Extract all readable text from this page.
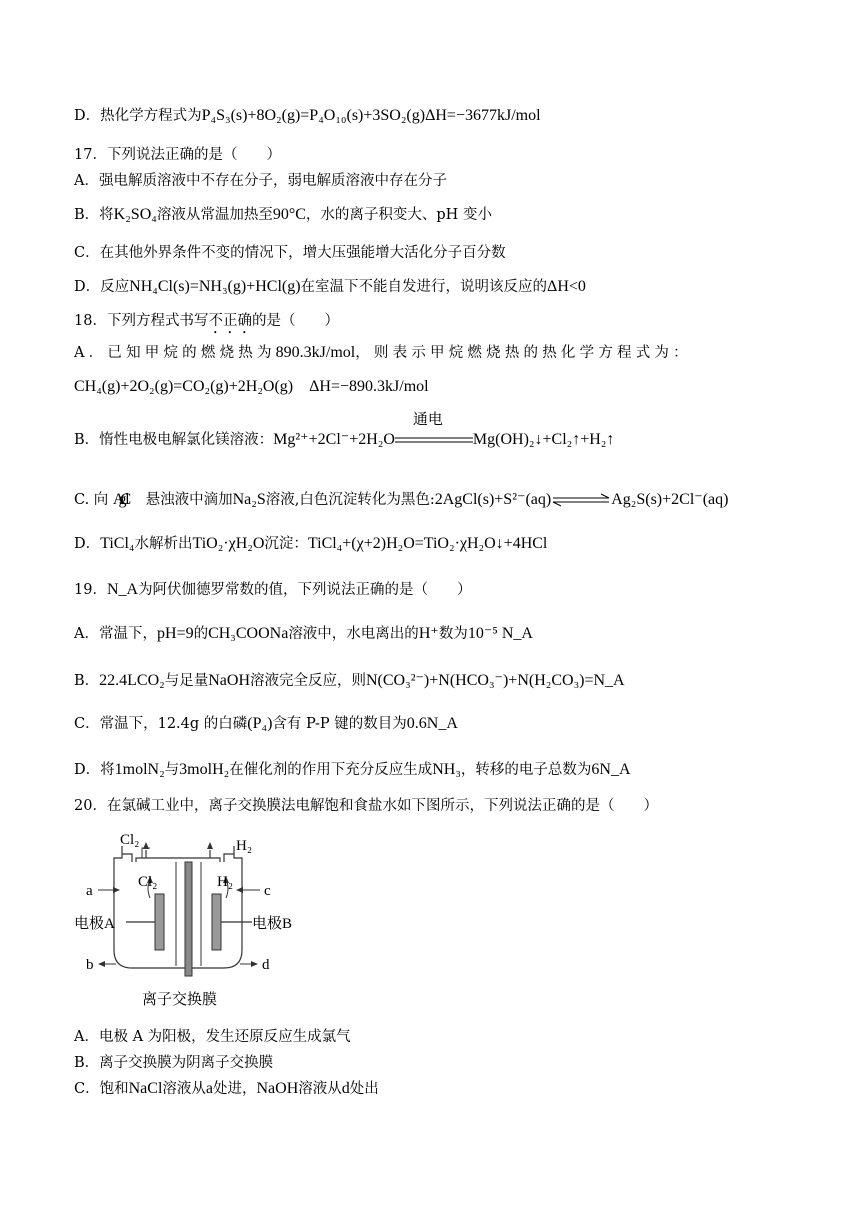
D．热化学方程式为P₄S₃(s)+8O₂(g)=P₄O₁₀(s)+3SO₂(g)ΔH=−3677kJ/mol
17．下列说法正确的是（　　）
A．强电解质溶液中不存在分子，弱电解质溶液中存在分子
B．将K₂SO₄溶液从常温加热至90°C，水的离子积变大、pH 变小
C．在其他外界条件不变的情况下，增大压强能增大活化分子百分数
D．反应NH₄Cl(s)=NH₃(g)+HCl(g)在室温下不能自发进行，说明该反应的ΔH<0
18．下列方程式书写不正确的是（　　）
A．已知甲烷的燃烧热为890.3kJ/mol，则表示甲烷燃烧热的热化学方程式为：
CH₄(g)+2O₂(g)=CO₂(g)+2H₂O(g)　ΔH=−890.3kJ/mol
B．惰性电极电解氯化镁溶液：Mg²⁺+2Cl⁻+2H₂O
通电
Mg(OH)₂↓+Cl₂↑+H₂↑
C. 向 AgCl 悬浊液中滴加Na₂S溶液,白色沉淀转化为黑色:2AgCl(s)+S²⁻(aq)	Ag₂S(s)+2Cl⁻(aq)
D．TiCl₄水解析出TiO₂·χH₂O沉淀：TiCl₄+(χ+2)H₂O=TiO₂·χH₂O↓+4HCl
19．N_A为阿伏伽德罗常数的值，下列说法正确的是（　　）
A．常温下，pH=9的CH₃COONa溶液中，水电离出的H⁺数为10⁻⁵ N_A
B．22.4LCO₂与足量NaOH溶液完全反应，则N(CO₃²⁻)+N(HCO₃⁻)+N(H₂CO₃)=N_A
C．常温下，12.4g 的白磷(P₄)含有 P-P 键的数目为0.6N_A
D．将1molN₂与3molH₂在催化剂的作用下充分反应生成NH₃，转移的电子总数为6N_A
20．在氯碱工业中，离子交换膜法电解饱和食盐水如下图所示，下列说法正确的是（　　）
Cl₂	H₂
Cl₂	H₂
a	c
电极A	电极B
b	d
离子交换膜
A．电极 A 为阳极，发生还原反应生成氯气
B．离子交换膜为阴离子交换膜
C．饱和NaCl溶液从a处进，NaOH溶液从d处出
